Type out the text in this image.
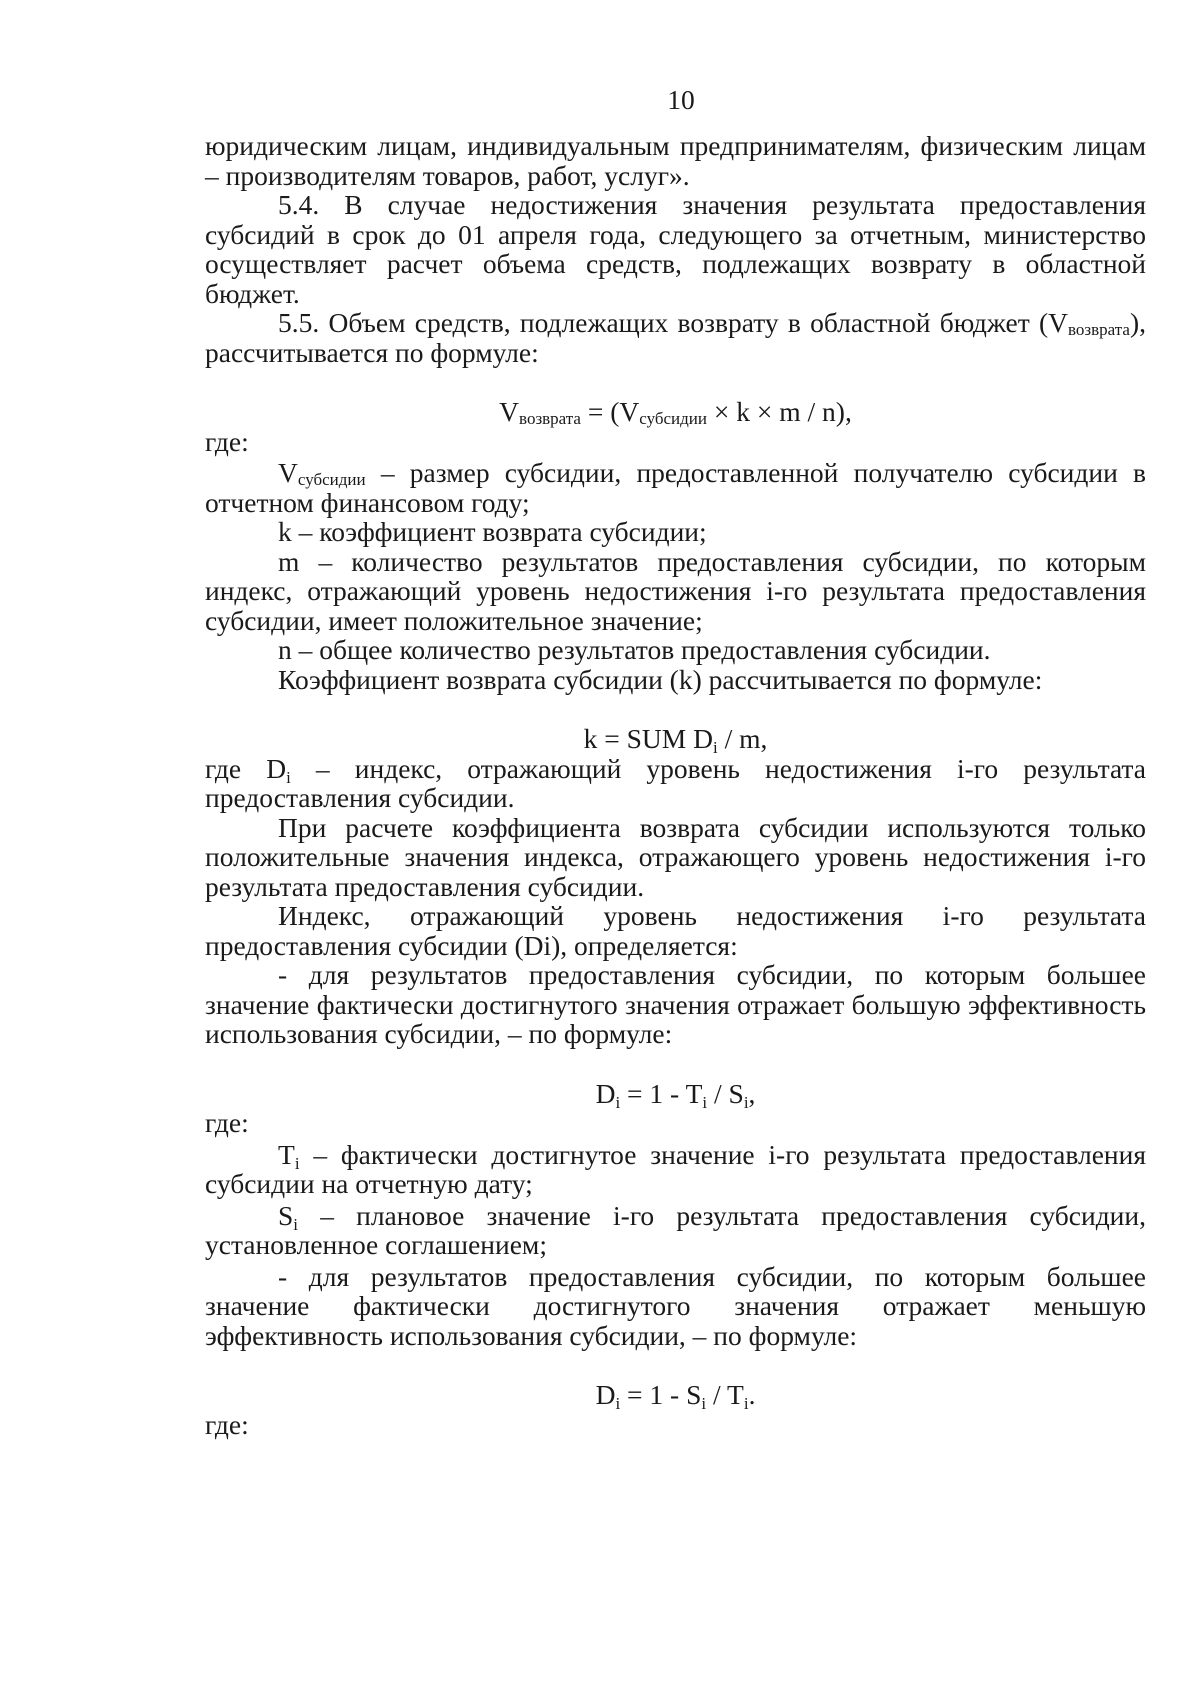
10

юридическим лицам, индивидуальным предпринимателям, физическим лицам – производителям товаров, работ, услуг».

5.4. В случае недостижения значения результата предоставления субсидий в срок до 01 апреля года, следующего за отчетным, министерство осуществляет расчет объема средств, подлежащих возврату в областной бюджет.

5.5. Объем средств, подлежащих возврату в областной бюджет $(V_{возврата})$, рассчитывается по формуле:

$V_{возврата} = (V_{субсидии} \times k \times m / n)$,

где:

$V_{субсидии}$ – размер субсидии, предоставленной получателю субсидии в отчетном финансовом году;

k – коэффициент возврата субсидии;

m – количество результатов предоставления субсидии, по которым индекс, отражающий уровень недостижения i-го результата предоставления субсидии, имеет положительное значение;

n – общее количество результатов предоставления субсидии.

Коэффициент возврата субсидии (k) рассчитывается по формуле:

k = SUM $D_i$ / m,

где $D_i$ – индекс, отражающий уровень недостижения i-го результата предоставления субсидии.

При расчете коэффициента возврата субсидии используются только положительные значения индекса, отражающего уровень недостижения i-го результата предоставления субсидии.

Индекс, отражающий уровень недостижения i-го результата предоставления субсидии (Di), определяется:

- для результатов предоставления субсидии, по которым большее значение фактически достигнутого значения отражает большую эффективность использования субсидии, – по формуле:

$D_i = 1 - T_i / S_i$,

где:

$T_i$ – фактически достигнутое значение i-го результата предоставления субсидии на отчетную дату;

$S_i$ – плановое значение i-го результата предоставления субсидии, установленное соглашением;

- для результатов предоставления субсидии, по которым большее значение фактически достигнутого значения отражает меньшую эффективность использования субсидии, – по формуле:

$D_i = 1 - S_i / T_i$.

где:
